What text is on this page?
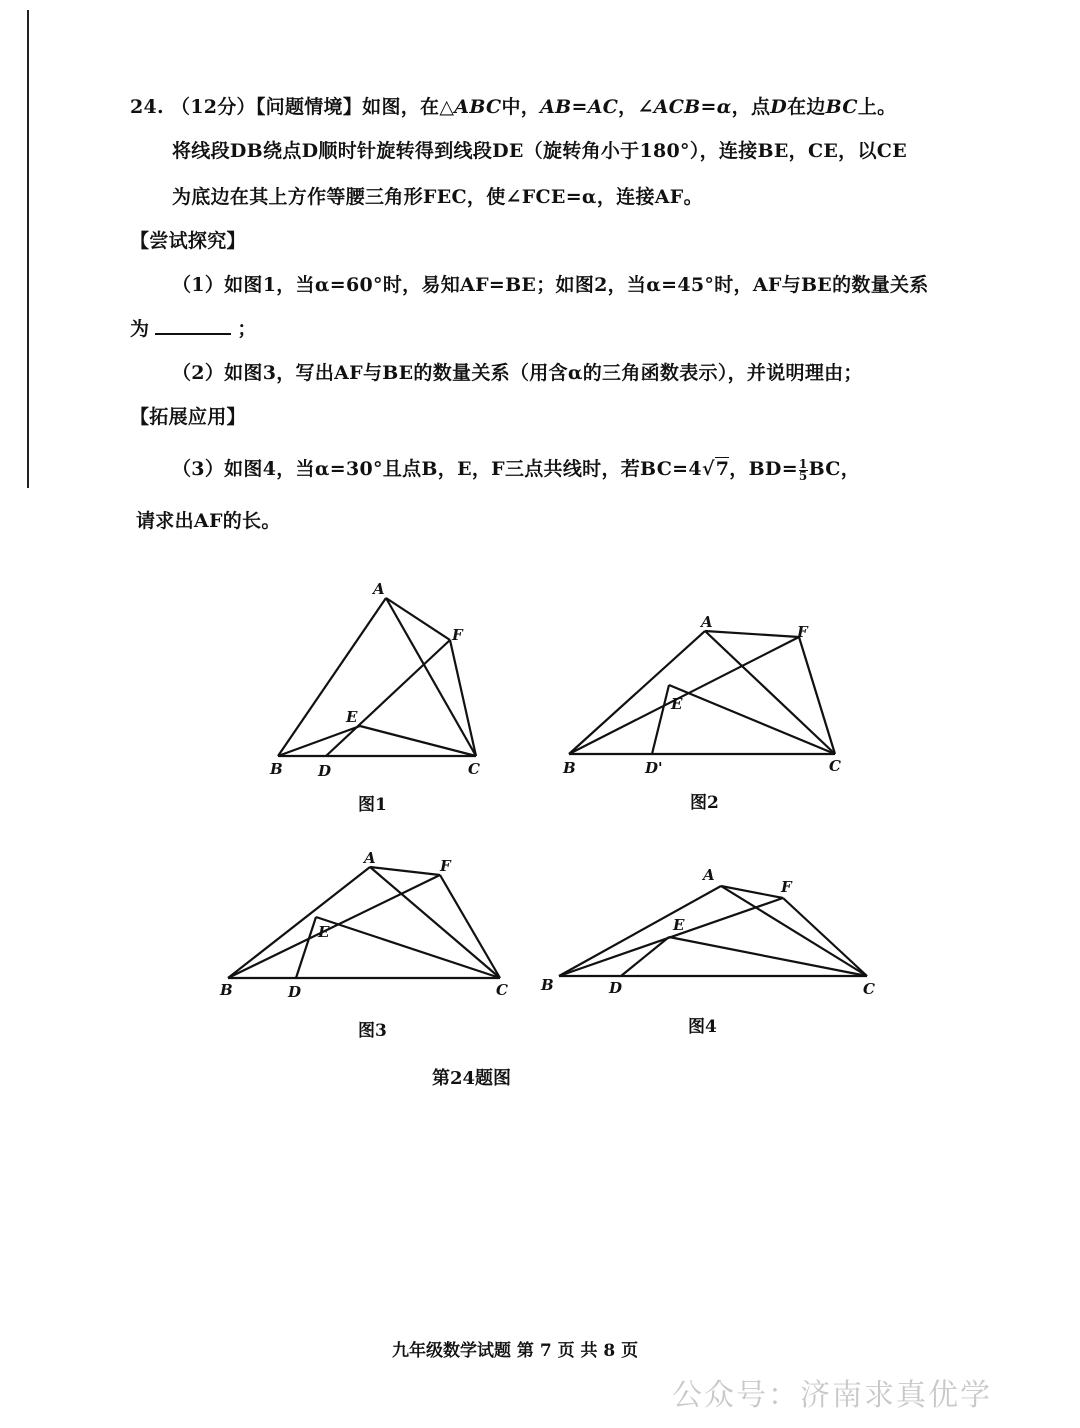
24. （12分）【问题情境】如图，在△ABC中，AB=AC，∠ACB=α，点D在边BC上。
将线段DB绕点D顺时针旋转得到线段DE（旋转角小于180°），连接BE，CE，以CE
为底边在其上方作等腰三角形FEC，使∠FCE=α，连接AF。
【尝试探究】
（1）如图1，当α=60°时，易知AF=BE；如图2，当α=45°时，AF与BE的数量关系
为	；
（2）如图3，写出AF与BE的数量关系（用含α的三角函数表示），并说明理由；
【拓展应用】
（3）如图4，当α=30°且点B，E，F三点共线时，若BC=4√7，$BD= \frac{1}{5}$ BC，
请求出AF的长。
A
F
E
B D	C
图1
A
F
E
B	D'	C
图2
A	F
E
B	D	C
图3
A
F
E
B	D	C
图4
第24题图
九年级数学试题 第 7 页 共 8 页
公众号：济南求真优学
